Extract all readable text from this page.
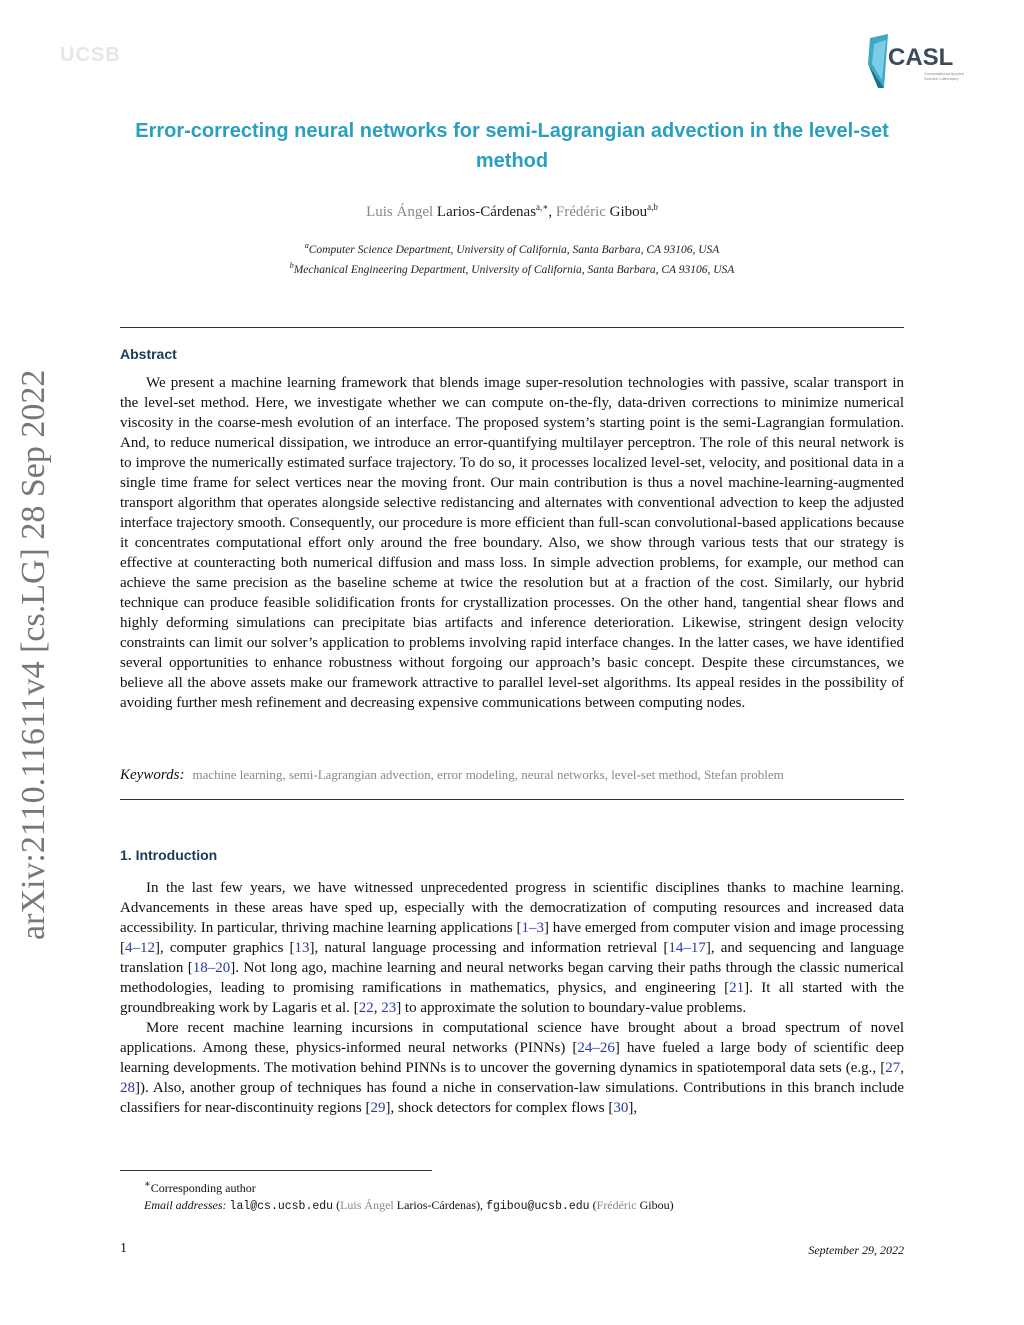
UCSB	CASL
Computational Applied Science Laboratory
arXiv:2110.11611v4 [cs.LG] 28 Sep 2022
Error-correcting neural networks for semi-Lagrangian advection in the level-set method
Luis Ángel Larios-Cárdenas$^{a,∗}$, Frédéric Gibou$^{a,b}$
$^a$Computer Science Department, University of California, Santa Barbara, CA 93106, USA
$^b$Mechanical Engineering Department, University of California, Santa Barbara, CA 93106, USA
Abstract

We present a machine learning framework that blends image super-resolution technologies with passive, scalar transport in the level-set method. Here, we investigate whether we can compute on-the-fly, data-driven corrections to minimize numerical viscosity in the coarse-mesh evolution of an interface. The proposed system’s starting point is the semi-Lagrangian formulation. And, to reduce numerical dissipation, we introduce an error-quantifying multilayer perceptron. The role of this neural network is to improve the numerically estimated surface trajectory. To do so, it processes localized level-set, velocity, and positional data in a single time frame for select vertices near the moving front. Our main contribution is thus a novel machine-learning-augmented transport algorithm that operates alongside selective redistancing and alternates with conventional advection to keep the adjusted interface trajectory smooth. Consequently, our procedure is more efficient than full-scan convolutional-based applications because it concentrates computational effort only around the free boundary. Also, we show through various tests that our strategy is effective at counteracting both numerical diffusion and mass loss. In simple advection problems, for example, our method can achieve the same precision as the baseline scheme at twice the resolution but at a fraction of the cost. Similarly, our hybrid technique can produce feasible solidification fronts for crystallization processes. On the other hand, tangential shear flows and highly deforming simulations can precipitate bias artifacts and inference deterioration. Likewise, stringent design velocity constraints can limit our solver’s application to problems involving rapid interface changes. In the latter cases, we have identified several opportunities to enhance robustness without forgoing our approach’s basic concept. Despite these circumstances, we believe all the above assets make our framework attractive to parallel level-set algorithms. Its appeal resides in the possibility of avoiding further mesh refinement and decreasing expensive communications between computing nodes.

Keywords: machine learning, semi-Lagrangian advection, error modeling, neural networks, level-set method, Stefan problem
1. Introduction

In the last few years, we have witnessed unprecedented progress in scientific disciplines thanks to machine learning. Advancements in these areas have sped up, especially with the democratization of computing resources and increased data accessibility. In particular, thriving machine learning applications [1–3] have emerged from computer vision and image processing [4–12], computer graphics [13], natural language processing and information retrieval [14–17], and sequencing and language translation [18–20]. Not long ago, machine learning and neural networks began carving their paths through the classic numerical methodologies, leading to promising ramifications in mathematics, physics, and engineering [21]. It all started with the groundbreaking work by Lagaris et al. [22, 23] to approximate the solution to boundary-value problems.

More recent machine learning incursions in computational science have brought about a broad spectrum of novel applications. Among these, physics-informed neural networks (PINNs) [24–26] have fueled a large body of scientific deep learning developments. The motivation behind PINNs is to uncover the governing dynamics in spatiotemporal data sets (e.g., [27, 28]). Also, another group of techniques has found a niche in conservation-law simulations. Contributions in this branch include classifiers for near-discontinuity regions [29], shock detectors for complex flows [30],

∗Corresponding author
Email addresses: lal@cs.ucsb.edu (Luis Ángel Larios-Cárdenas), fgibou@ucsb.edu (Frédéric Gibou)
1	September 29, 2022
